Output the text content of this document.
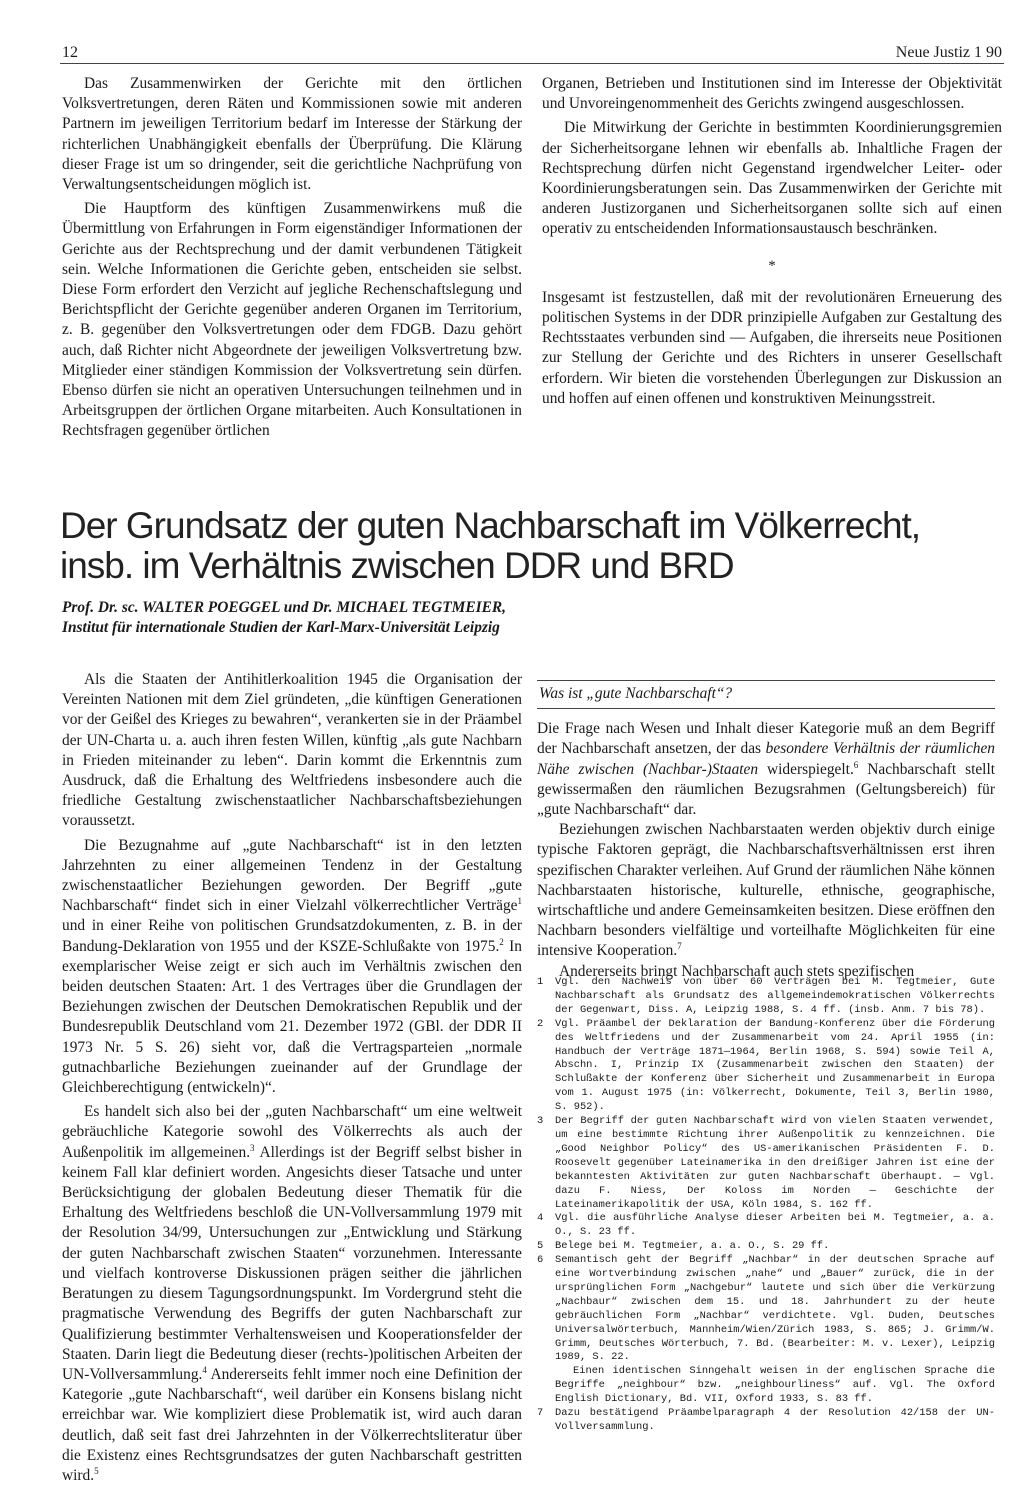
12	Neue Justiz 1 90

Das Zusammenwirken der Gerichte mit den örtlichen Volksvertretungen, deren Räten und Kommissionen sowie mit anderen Partnern im jeweiligen Territorium bedarf im Interesse der Stärkung der richterlichen Unabhängigkeit ebenfalls der Überprüfung. Die Klärung dieser Frage ist um so dringender, seit die gerichtliche Nachprüfung von Verwaltungsentscheidungen möglich ist.

Die Hauptform des künftigen Zusammenwirkens muß die Übermittlung von Erfahrungen in Form eigenständiger Informationen der Gerichte aus der Rechtsprechung und der damit verbundenen Tätigkeit sein. Welche Informationen die Gerichte geben, entscheiden sie selbst. Diese Form erfordert den Verzicht auf jegliche Rechenschaftslegung und Berichtspflicht der Gerichte gegenüber anderen Organen im Territorium, z. B. gegenüber den Volksvertretungen oder dem FDGB. Dazu gehört auch, daß Richter nicht Abgeordnete der jeweiligen Volksvertretung bzw. Mitglieder einer ständigen Kommission der Volksvertretung sein dürfen. Ebenso dürfen sie nicht an operativen Untersuchungen teilnehmen und in Arbeitsgruppen der örtlichen Organe mitarbeiten. Auch Konsultationen in Rechtsfragen gegenüber örtlichen

Organen, Betrieben und Institutionen sind im Interesse der Objektivität und Unvoreingenommenheit des Gerichts zwingend ausgeschlossen.

Die Mitwirkung der Gerichte in bestimmten Koordinierungsgremien der Sicherheitsorgane lehnen wir ebenfalls ab. Inhaltliche Fragen der Rechtsprechung dürfen nicht Gegenstand irgendwelcher Leiter- oder Koordinierungsberatungen sein. Das Zusammenwirken der Gerichte mit anderen Justizorganen und Sicherheitsorganen sollte sich auf einen operativ zu entscheidenden Informationsaustausch beschränken.

*

Insgesamt ist festzustellen, daß mit der revolutionären Erneuerung des politischen Systems in der DDR prinzipielle Aufgaben zur Gestaltung des Rechtsstaates verbunden sind — Aufgaben, die ihrerseits neue Positionen zur Stellung der Gerichte und des Richters in unserer Gesellschaft erfordern. Wir bieten die vorstehenden Überlegungen zur Diskussion an und hoffen auf einen offenen und konstruktiven Meinungsstreit.

Der Grundsatz der guten Nachbarschaft im Völkerrecht,
insb. im Verhältnis zwischen DDR und BRD
Prof. Dr. sc. WALTER POEGGEL und Dr. MICHAEL TEGTMEIER,
Institut für internationale Studien der Karl-Marx-Universität Leipzig

Als die Staaten der Antihitlerkoalition 1945 die Organisation der Vereinten Nationen mit dem Ziel gründeten, „die künftigen Generationen vor der Geißel des Krieges zu bewahren“, verankerten sie in der Präambel der UN-Charta u. a. auch ihren festen Willen, künftig „als gute Nachbarn in Frieden miteinander zu leben“. Darin kommt die Erkenntnis zum Ausdruck, daß die Erhaltung des Weltfriedens insbesondere auch die friedliche Gestaltung zwischenstaatlicher Nachbarschaftsbeziehungen voraussetzt.

Die Bezugnahme auf „gute Nachbarschaft“ ist in den letzten Jahrzehnten zu einer allgemeinen Tendenz in der Gestaltung zwischenstaatlicher Beziehungen geworden. Der Begriff „gute Nachbarschaft“ findet sich in einer Vielzahl völkerrechtlicher Verträge$^1$ und in einer Reihe von politischen Grundsatzdokumenten, z. B. in der Bandung-Deklaration von 1955 und der KSZE-Schlußakte von 1975.$^2$ In exemplarischer Weise zeigt er sich auch im Verhältnis zwischen den beiden deutschen Staaten: Art. 1 des Vertrages über die Grundlagen der Beziehungen zwischen der Deutschen Demokratischen Republik und der Bundesrepublik Deutschland vom 21. Dezember 1972 (GBl. der DDR II 1973 Nr. 5 S. 26) sieht vor, daß die Vertragsparteien „normale gutnachbarliche Beziehungen zueinander auf der Grundlage der Gleichberechtigung (entwickeln)“.

Es handelt sich also bei der „guten Nachbarschaft“ um eine weltweit gebräuchliche Kategorie sowohl des Völkerrechts als auch der Außenpolitik im allgemeinen.$^3$ Allerdings ist der Begriff selbst bisher in keinem Fall klar definiert worden. Angesichts dieser Tatsache und unter Berücksichtigung der globalen Bedeutung dieser Thematik für die Erhaltung des Weltfriedens beschloß die UN-Vollversammlung 1979 mit der Resolution 34/99, Untersuchungen zur „Entwicklung und Stärkung der guten Nachbarschaft zwischen Staaten“ vorzunehmen. Interessante und vielfach kontroverse Diskussionen prägen seither die jährlichen Beratungen zu diesem Tagungsordnungspunkt. Im Vordergrund steht die pragmatische Verwendung des Begriffs der guten Nachbarschaft zur Qualifizierung bestimmter Verhaltensweisen und Kooperationsfelder der Staaten. Darin liegt die Bedeutung dieser (rechts-)politischen Arbeiten der UN-Vollversammlung.$^4$ Andererseits fehlt immer noch eine Definition der Kategorie „gute Nachbarschaft“, weil darüber ein Konsens bislang nicht erreichbar war. Wie kompliziert diese Problematik ist, wird auch daran deutlich, daß seit fast drei Jahrzehnten in der Völkerrechtsliteratur über die Existenz eines Rechtsgrundsatzes der guten Nachbarschaft gestritten wird.$^5$

Was ist „gute Nachbarschaft“?

Die Frage nach Wesen und Inhalt dieser Kategorie muß an dem Begriff der Nachbarschaft ansetzen, der das besondere Verhältnis der räumlichen Nähe zwischen (Nachbar-)Staaten widerspiegelt.$^6$ Nachbarschaft stellt gewissermaßen den räumlichen Bezugsrahmen (Geltungsbereich) für „gute Nachbarschaft“ dar.

Beziehungen zwischen Nachbarstaaten werden objektiv durch einige typische Faktoren geprägt, die Nachbarschaftsverhältnissen erst ihren spezifischen Charakter verleihen. Auf Grund der räumlichen Nähe können Nachbarstaaten historische, kulturelle, ethnische, geographische, wirtschaftliche und andere Gemeinsamkeiten besitzen. Diese eröffnen den Nachbarn besonders vielfältige und vorteilhafte Möglichkeiten für eine intensive Kooperation.$^7$

Andererseits bringt Nachbarschaft auch stets spezifischen

1	Vgl. den Nachweis von über 60 Verträgen bei M. Tegtmeier, Gute Nachbarschaft als Grundsatz des allgemeindemokratischen Völkerrechts der Gegenwart, Diss. A, Leipzig 1988, S. 4 ff. (insb. Anm. 7 bis 78).
2	Vgl. Präambel der Deklaration der Bandung-Konferenz über die Förderung des Weltfriedens und der Zusammenarbeit vom 24. April 1955 (in: Handbuch der Verträge 1871—1964, Berlin 1968, S. 594) sowie Teil A, Abschn. I, Prinzip IX (Zusammenarbeit zwischen den Staaten) der Schlußakte der Konferenz über Sicherheit und Zusammenarbeit in Europa vom 1. August 1975 (in: Völkerrecht, Dokumente, Teil 3, Berlin 1980, S. 952).
3	Der Begriff der guten Nachbarschaft wird von vielen Staaten verwendet, um eine bestimmte Richtung ihrer Außenpolitik zu kennzeichnen. Die „Good Neighbor Policy“ des US-amerikanischen Präsidenten F. D. Roosevelt gegenüber Lateinamerika in den dreißiger Jahren ist eine der bekanntesten Aktivitäten zur guten Nachbarschaft überhaupt. — Vgl. dazu F. Niess, Der Koloss im Norden — Geschichte der Lateinamerikapolitik der USA, Köln 1984, S. 162 ff.
4	Vgl. die ausführliche Analyse dieser Arbeiten bei M. Tegtmeier, a. a. O., S. 23 ff.
5	Belege bei M. Tegtmeier, a. a. O., S. 29 ff.
6	Semantisch geht der Begriff „Nachbar“ in der deutschen Sprache auf eine Wortverbindung zwischen „nahe“ und „Bauer“ zurück, die in der ursprünglichen Form „Nachgebur“ lautete und sich über die Verkürzung „Nachbaur“ zwischen dem 15. und 18. Jahrhundert zu der heute gebräuchlichen Form „Nachbar“ verdichtete. Vgl. Duden, Deutsches Universalwörterbuch, Mannheim/Wien/Zürich 1983, S. 865; J. Grimm/W. Grimm, Deutsches Wörterbuch, 7. Bd. (Bearbeiter: M. v. Lexer), Leipzig 1989, S. 22.
Einen identischen Sinngehalt weisen in der englischen Sprache die Begriffe „neighbour“ bzw. „neighbourliness“ auf. Vgl. The Oxford English Dictionary, Bd. VII, Oxford 1933, S. 83 ff.
7	Dazu bestätigend Präambelparagraph 4 der Resolution 42/158 der UN-Vollversammlung.
